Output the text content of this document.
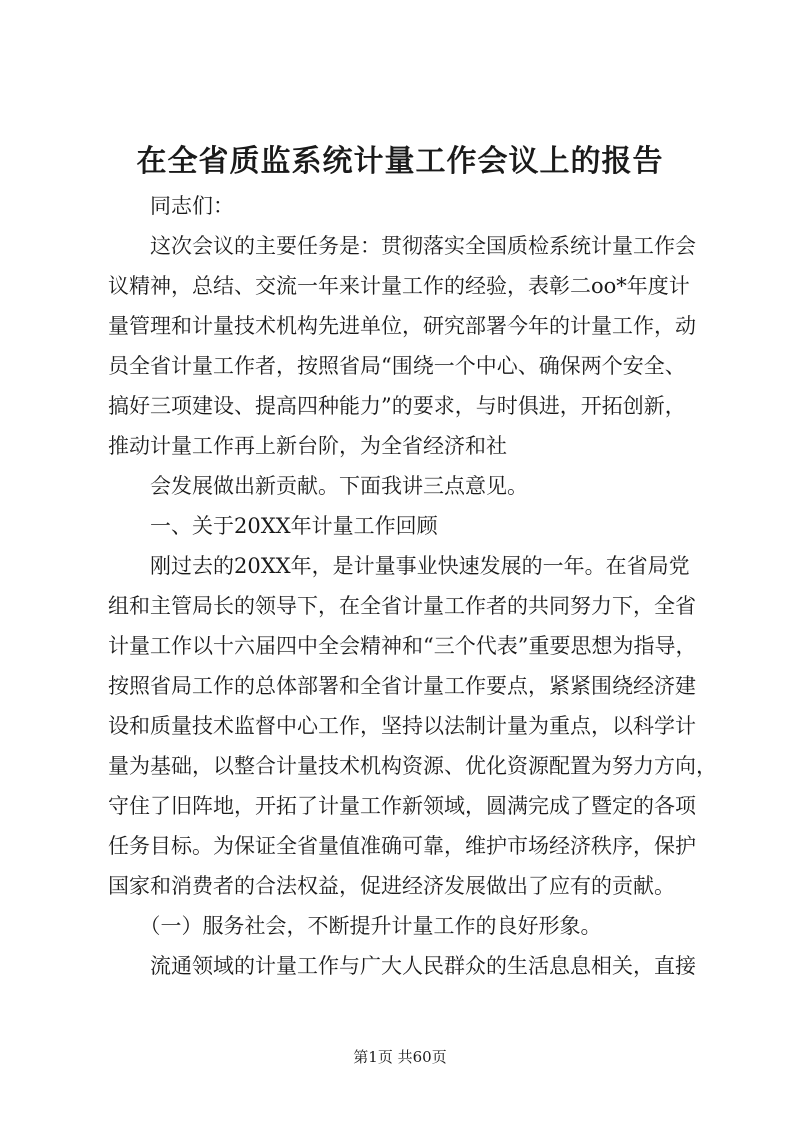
在全省质监系统计量工作会议上的报告
同志们：
这次会议的主要任务是：贯彻落实全国质检系统计量工作会
议精神，总结、交流一年来计量工作的经验，表彰二oo*年度计
量管理和计量技术机构先进单位，研究部署今年的计量工作，动
员全省计量工作者，按照省局“围绕一个中心、确保两个安全、
搞好三项建设、提高四种能力”的要求，与时俱进，开拓创新，
推动计量工作再上新台阶，为全省经济和社
会发展做出新贡献。下面我讲三点意见。
一、关于20XX年计量工作回顾
刚过去的20XX年，是计量事业快速发展的一年。在省局党
组和主管局长的领导下，在全省计量工作者的共同努力下，全省
计量工作以十六届四中全会精神和“三个代表”重要思想为指导，
按照省局工作的总体部署和全省计量工作要点，紧紧围绕经济建
设和质量技术监督中心工作，坚持以法制计量为重点，以科学计
量为基础，以整合计量技术机构资源、优化资源配置为努力方向，
守住了旧阵地，开拓了计量工作新领域，圆满完成了暨定的各项
任务目标。为保证全省量值准确可靠，维护市场经济秩序，保护
国家和消费者的合法权益，促进经济发展做出了应有的贡献。
（一）服务社会，不断提升计量工作的良好形象。
流通领域的计量工作与广大人民群众的生活息息相关，直接
第1页 共60页
